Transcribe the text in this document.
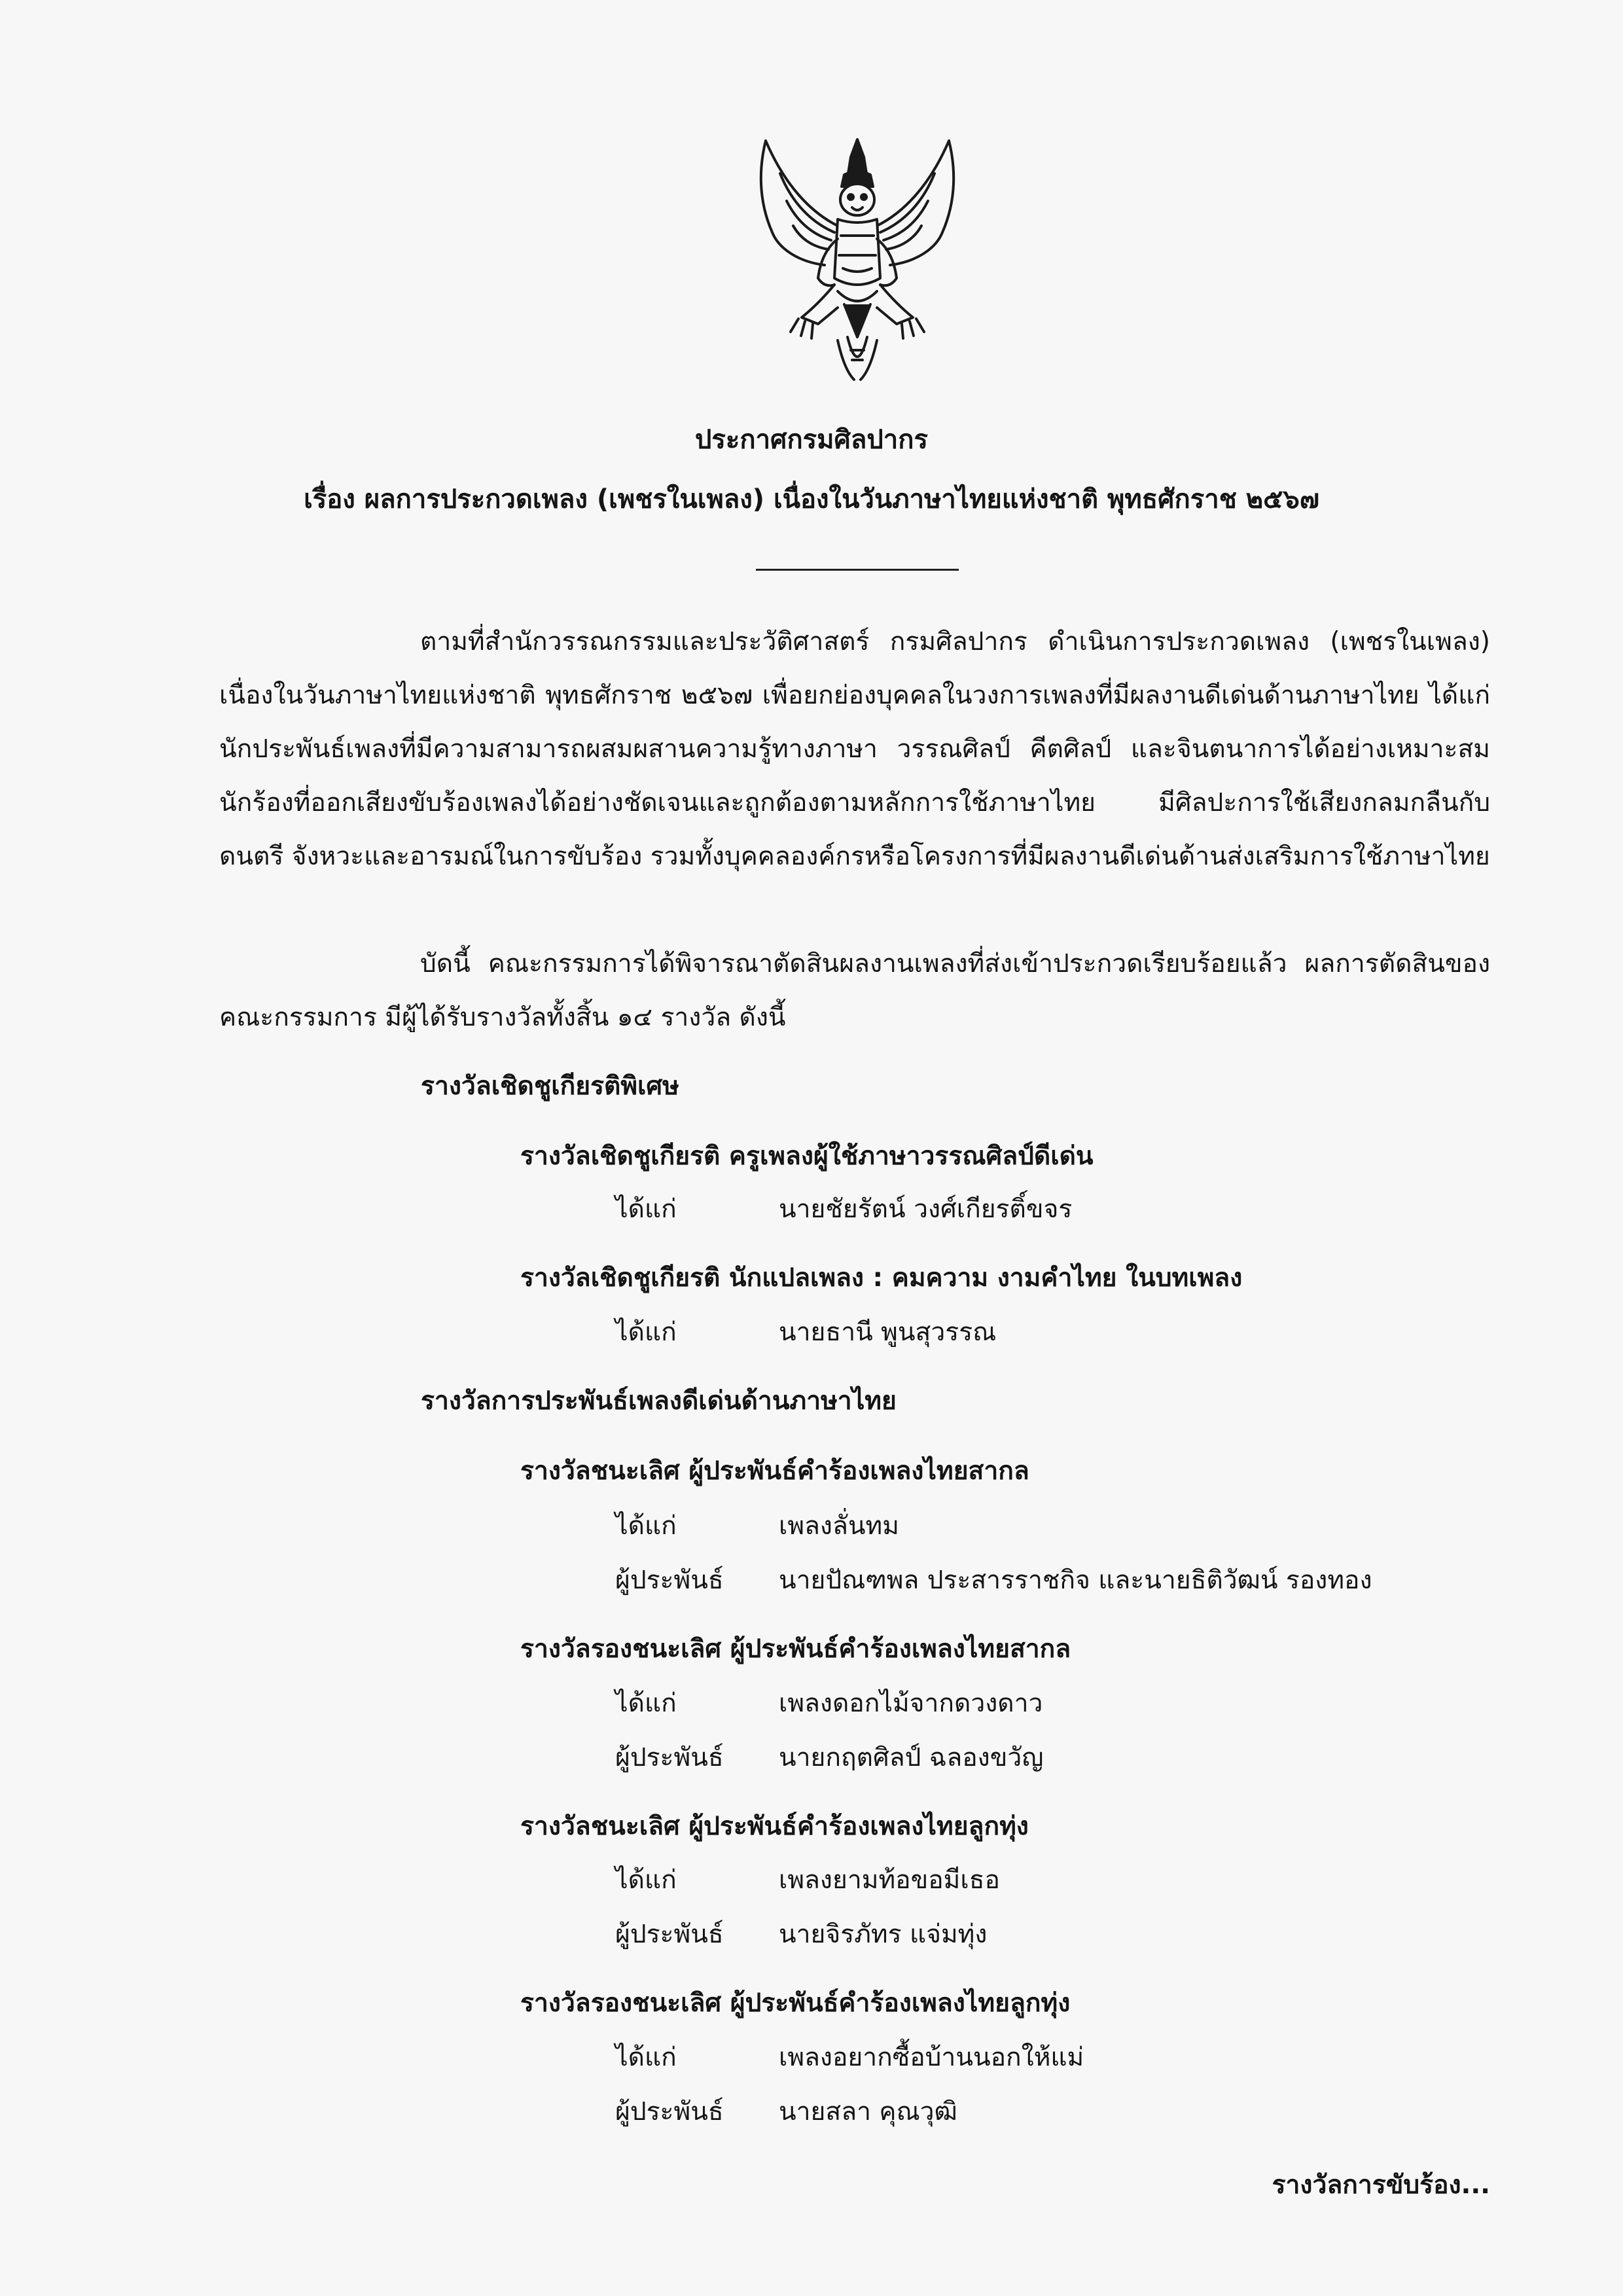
ประกาศกรมศิลปากร
เรื่อง ผลการประกวดเพลง (เพชรในเพลง) เนื่องในวันภาษาไทยแห่งชาติ พุทธศักราช ๒๕๖๗

ตามที่สำนักวรรณกรรมและประวัติศาสตร์ กรมศิลปากร ดำเนินการประกวดเพลง (เพชรในเพลง) เนื่องในวันภาษาไทยแห่งชาติ พุทธศักราช ๒๕๖๗ เพื่อยกย่องบุคคลในวงการเพลงที่มีผลงานดีเด่นด้านภาษาไทย ได้แก่ นักประพันธ์เพลงที่มีความสามารถผสมผสานความรู้ทางภาษา วรรณศิลป์ คีตศิลป์ และจินตนาการได้อย่างเหมาะสม นักร้องที่ออกเสียงขับร้องเพลงได้อย่างชัดเจนและถูกต้องตามหลักการใช้ภาษาไทย มีศิลปะการใช้เสียงกลมกลืนกับดนตรี จังหวะและอารมณ์ในการขับร้อง รวมทั้งบุคคลองค์กรหรือโครงการที่มีผลงานดีเด่นด้านส่งเสริมการใช้ภาษาไทย

บัดนี้ คณะกรรมการได้พิจารณาตัดสินผลงานเพลงที่ส่งเข้าประกวดเรียบร้อยแล้ว ผลการตัดสินของคณะกรรมการ มีผู้ได้รับรางวัลทั้งสิ้น ๑๔ รางวัล ดังนี้

รางวัลเชิดชูเกียรติพิเศษ
รางวัลเชิดชูเกียรติ ครูเพลงผู้ใช้ภาษาวรรณศิลป์ดีเด่น
ได้แก่	นายชัยรัตน์ วงศ์เกียรติ์ขจร
รางวัลเชิดชูเกียรติ นักแปลเพลง : คมความ งามคำไทย ในบทเพลง
ได้แก่	นายธานี พูนสุวรรณ
รางวัลการประพันธ์เพลงดีเด่นด้านภาษาไทย
รางวัลชนะเลิศ ผู้ประพันธ์คำร้องเพลงไทยสากล
ได้แก่	เพลงลั่นทม
ผู้ประพันธ์ นายปัณฑพล ประสารราชกิจ และนายธิติวัฒน์ รองทอง
รางวัลรองชนะเลิศ ผู้ประพันธ์คำร้องเพลงไทยสากล
ได้แก่	เพลงดอกไม้จากดวงดาว
ผู้ประพันธ์ นายกฤตศิลป์ ฉลองขวัญ
รางวัลชนะเลิศ ผู้ประพันธ์คำร้องเพลงไทยลูกทุ่ง
ได้แก่	เพลงยามท้อขอมีเธอ
ผู้ประพันธ์ นายจิรภัทร แจ่มทุ่ง
รางวัลรองชนะเลิศ ผู้ประพันธ์คำร้องเพลงไทยลูกทุ่ง
ได้แก่	เพลงอยากซื้อบ้านนอกให้แม่
ผู้ประพันธ์ นายสลา คุณวุฒิ
รางวัลการขับร้อง...
